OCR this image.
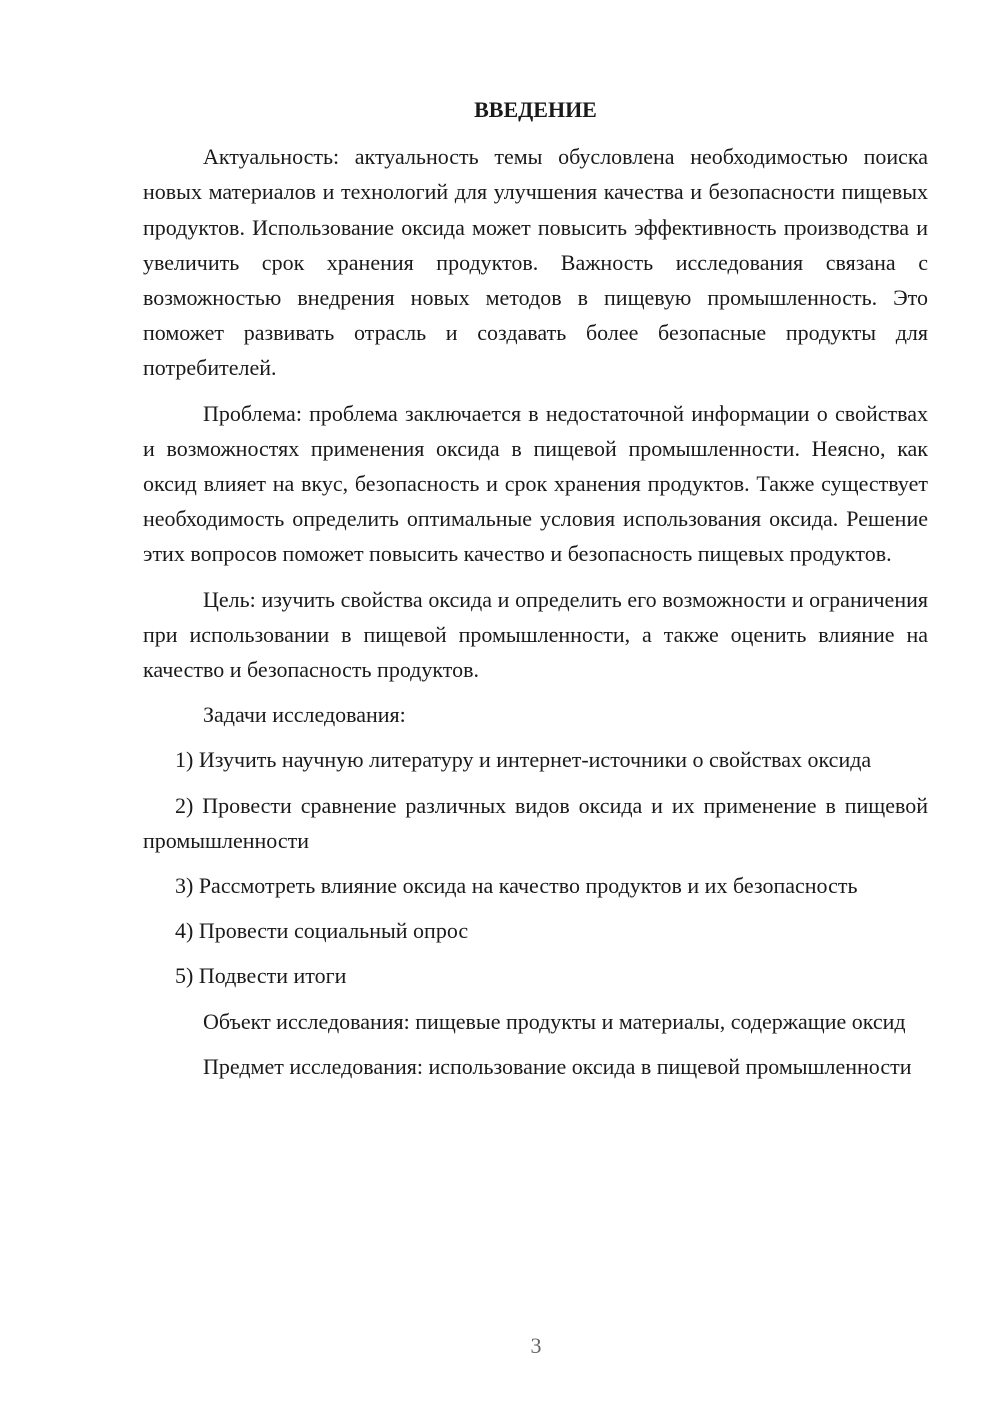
ВВЕДЕНИЕ

Актуальность: актуальность темы обусловлена необходимостью поиска новых материалов и технологий для улучшения качества и безопасности пищевых продуктов. Использование оксида может повысить эффективность производства и увеличить срок хранения продуктов. Важность исследования связана с возможностью внедрения новых методов в пищевую промышленность. Это поможет развивать отрасль и создавать более безопасные продукты для потребителей.

Проблема: проблема заключается в недостаточной информации о свойствах и возможностях применения оксида в пищевой промышленности. Неясно, как оксид влияет на вкус, безопасность и срок хранения продуктов. Также существует необходимость определить оптимальные условия использования оксида. Решение этих вопросов поможет повысить качество и безопасность пищевых продуктов.

Цель: изучить свойства оксида и определить его возможности и ограничения при использовании в пищевой промышленности, а также оценить влияние на качество и безопасность продуктов.

Задачи исследования:

1) Изучить научную литературу и интернет-источники о свойствах оксида

2) Провести сравнение различных видов оксида и их применение в пищевой промышленности

3) Рассмотреть влияние оксида на качество продуктов и их безопасность

4) Провести социальный опрос

5) Подвести итоги

Объект исследования: пищевые продукты и материалы, содержащие оксид

Предмет исследования: использование оксида в пищевой промышленности

3
